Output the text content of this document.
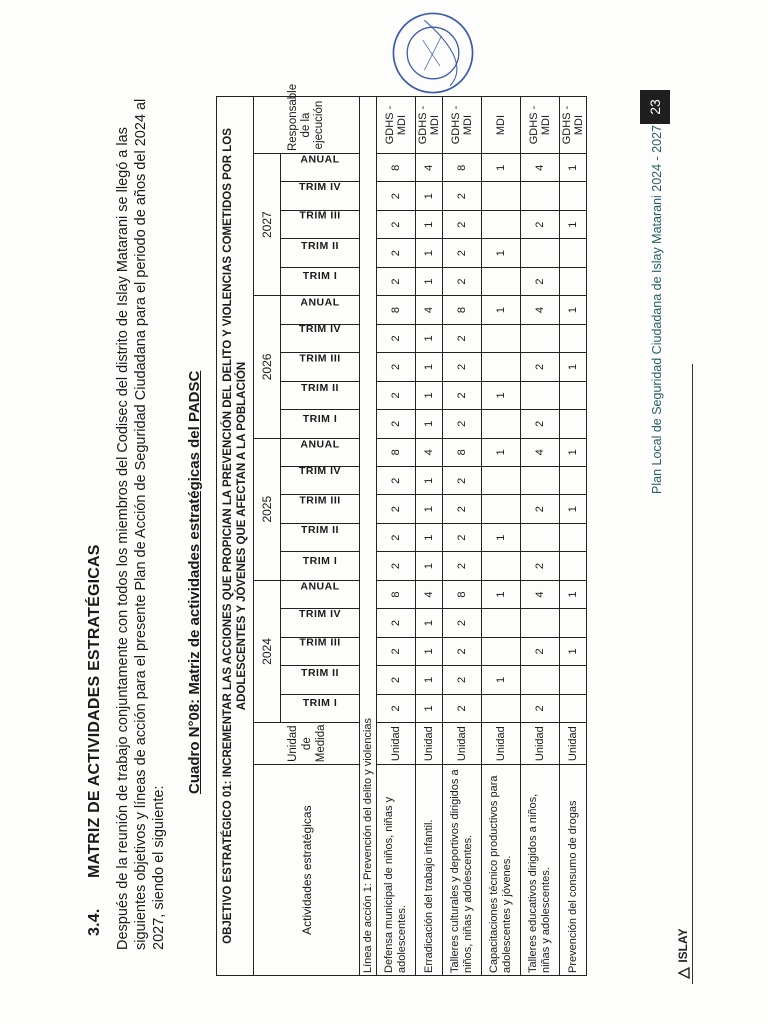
3.4.MATRIZ DE ACTIVIDADES ESTRATÉGICAS Después de la reunión de trabajo conjuntamente con todos los miembros del Codisec del distrito de Islay Matarani se llegó a las siguientes objetivos y líneas de acción para el presente Plan de Acción de Seguridad Ciudadana para el periodo de años del 2024 al 2027, siendo el siguiente:
Cuadro N°08: Matriz de actividades estratégicas del PADSC OBJETIVO ESTRATÉGICO 01: INCREMENTAR LAS ACCIONES QUE PROPICIAN LA PREVENCIÓN DEL DELITO Y VIOLENCIAS COMETIDOS POR LOS ADOLESCENTES Y JÓVENES QUE AFECTAN A LA POBLACIÓN																						
Actividades estratégicas	Unidad de Medida	2024					2025					2026					2027					Responsable de la ejecución
		TRIM I	TRIM II	TRIM III	TRIM IV	ANUAL	TRIM I	TRIM II	TRIM III	TRIM IV	ANUAL	TRIM I	TRIM II	TRIM III	TRIM IV	ANUAL	TRIM I	TRIM II	TRIM III	TRIM IV	ANUAL	
Línea de acción 1: Prevención del delito y violencias																						
Defensa municipal de niños, niñas y adolescentes.	Unidad	2	2	2	2	8	2	2	2	2	8	2	2	2	2	8	2	2	2	2	8	GDHS -MDI
Erradicación del trabajo infantil.	Unidad	1	1	1	1	4	1	1	1	1	4	1	1	1	1	4	1	1	1	1	4	GDHS -MDI
Talleres culturales y deportivos dirigidos a niños, niñas y adolescentes.	Unidad	2	2	2	2	8	2	2	2	2	8	2	2	2	2	8	2	2	2	2	8	GDHS -MDI
Capacitaciones técnico productivos para adolescentes y jóvenes.	Unidad		1			1		1			1		1			1		1			1	MDI
Talleres educativos dirigidos a niños, niñas y adolescentes.	Unidad	2		2		4	2		2		4	2		2		4	2		2		4	GDHS -MDI
Prevención del consumo de drogas	Unidad			1		1			1		1			1		1			1		1	GDHS -MDI
ISLAY
Plan Local de Seguridad Ciudadana de Islay Matarani 2024 - 2027
23
